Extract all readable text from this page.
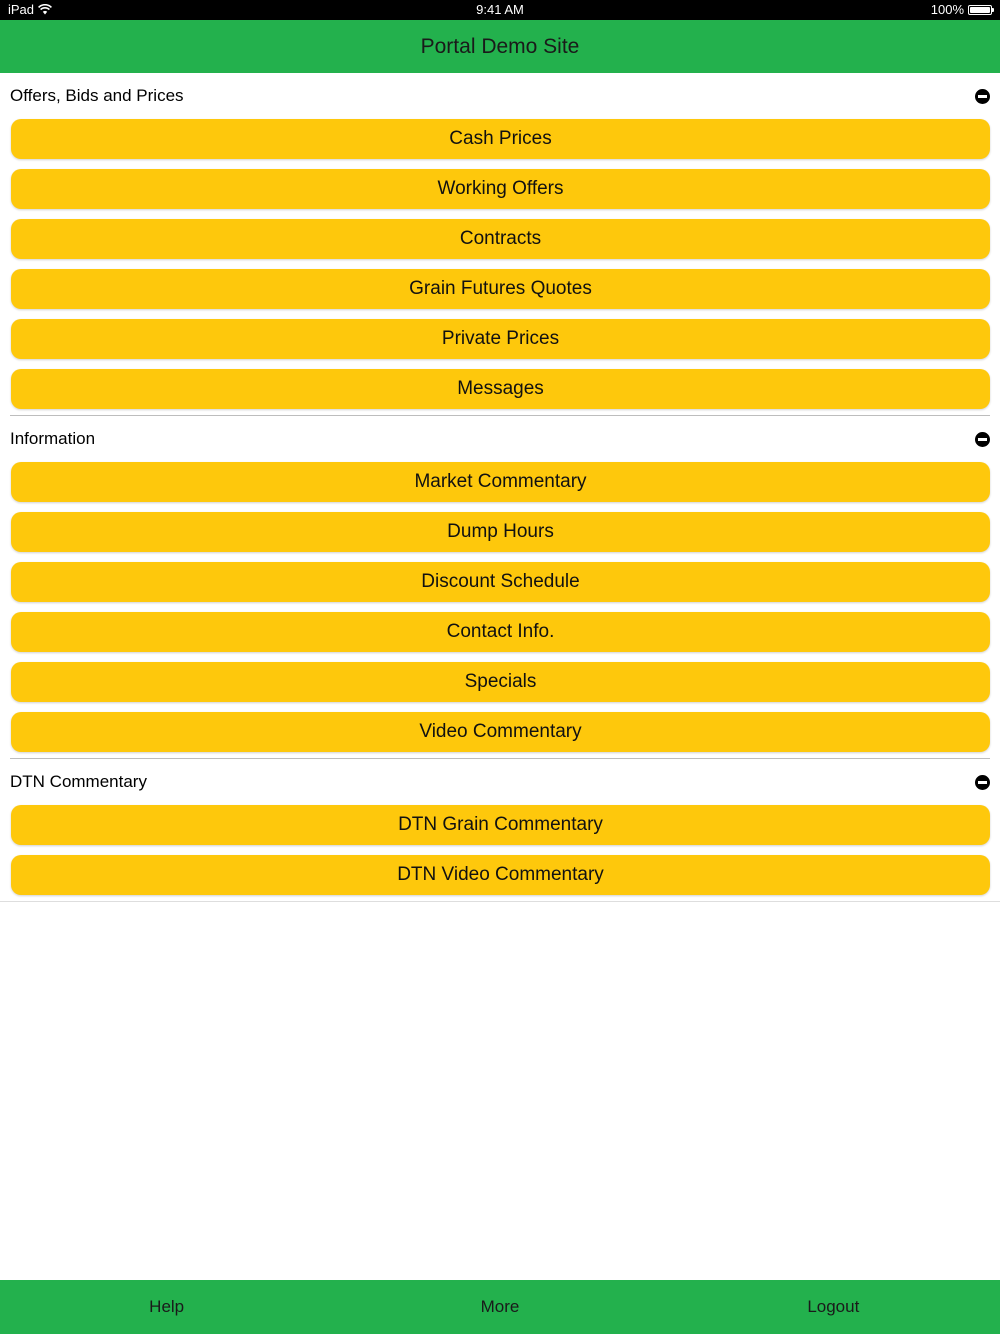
iPad	9:41 AM	100%
Portal Demo Site
Offers, Bids and Prices
Cash Prices
Working Offers
Contracts
Grain Futures Quotes
Private Prices
Messages
Information
Market Commentary
Dump Hours
Discount Schedule
Contact Info.
Specials
Video Commentary
DTN Commentary
DTN Grain Commentary
DTN Video Commentary
Help	More	Logout
